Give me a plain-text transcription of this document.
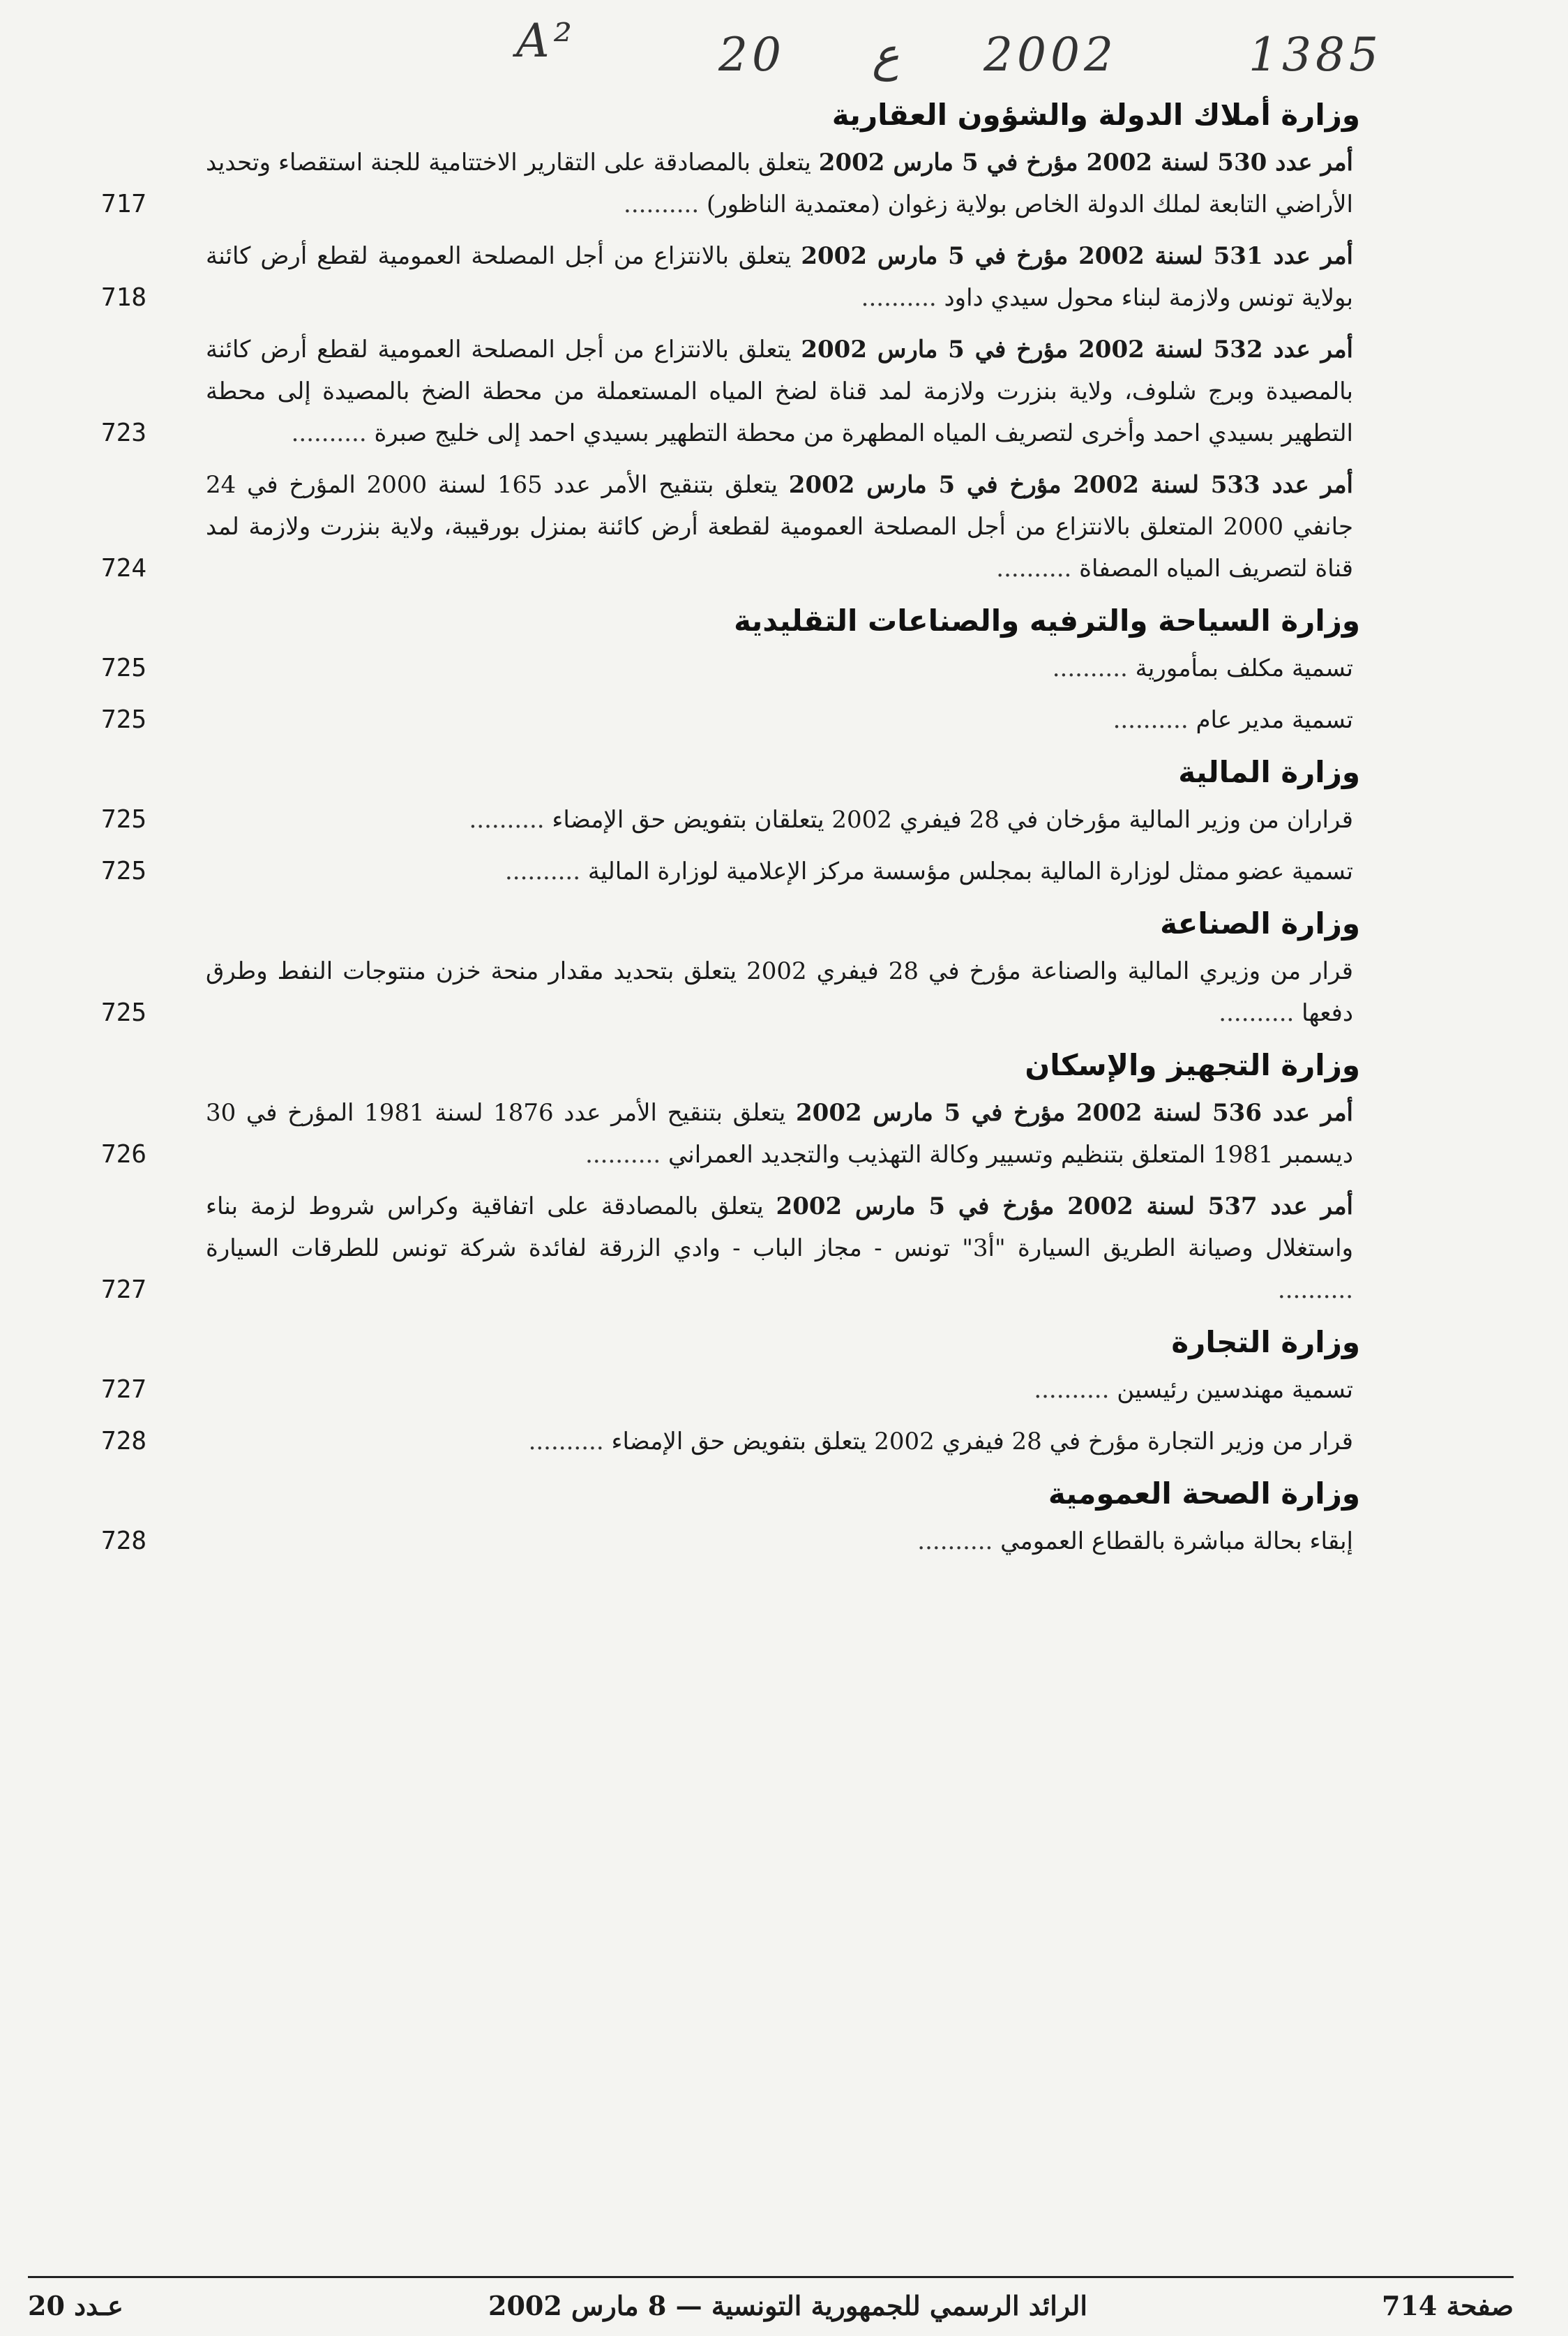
A²	20 ع 2002	1385
وزارة أملاك الدولة والشؤون العقارية
أمر عدد 530 لسنة 2002 مؤرخ في 5 مارس 2002 يتعلق بالمصادقة على التقارير الاختتامية للجنة استقصاء وتحديد الأراضي التابعة لملك الدولة الخاص بولاية زغوان (معتمدية الناظور) ..........
717
أمر عدد 531 لسنة 2002 مؤرخ في 5 مارس 2002 يتعلق بالانتزاع من أجل المصلحة العمومية لقطع أرض كائنة بولاية تونس ولازمة لبناء محول سيدي داود ..........
718
أمر عدد 532 لسنة 2002 مؤرخ في 5 مارس 2002 يتعلق بالانتزاع من أجل المصلحة العمومية لقطع أرض كائنة بالمصيدة وبرج شلوف، ولاية بنزرت ولازمة لمد قناة لضخ المياه المستعملة من محطة الضخ بالمصيدة إلى محطة التطهير بسيدي احمد وأخرى لتصريف المياه المطهرة من محطة التطهير بسيدي احمد إلى خليج صبرة ..........
723
أمر عدد 533 لسنة 2002 مؤرخ في 5 مارس 2002 يتعلق بتنقيح الأمر عدد 165 لسنة 2000 المؤرخ في 24 جانفي 2000 المتعلق بالانتزاع من أجل المصلحة العمومية لقطعة أرض كائنة بمنزل بورقيبة، ولاية بنزرت ولازمة لمد قناة لتصريف المياه المصفاة ..........
724
وزارة السياحة والترفيه والصناعات التقليدية
تسمية مكلف بمأمورية ..........
725
تسمية مدير عام ..........
725
وزارة المالية
قراران من وزير المالية مؤرخان في 28 فيفري 2002 يتعلقان بتفويض حق الإمضاء ..........
725
تسمية عضو ممثل لوزارة المالية بمجلس مؤسسة مركز الإعلامية لوزارة المالية ..........
725
وزارة الصناعة
قرار من وزيري المالية والصناعة مؤرخ في 28 فيفري 2002 يتعلق بتحديد مقدار منحة خزن منتوجات النفط وطرق دفعها ..........
725
وزارة التجهيز والإسكان
أمر عدد 536 لسنة 2002 مؤرخ في 5 مارس 2002 يتعلق بتنقيح الأمر عدد 1876 لسنة 1981 المؤرخ في 30 ديسمبر 1981 المتعلق بتنظيم وتسيير وكالة التهذيب والتجديد العمراني ..........
726
أمر عدد 537 لسنة 2002 مؤرخ في 5 مارس 2002 يتعلق بالمصادقة على اتفاقية وكراس شروط لزمة بناء واستغلال وصيانة الطريق السيارة "أ3" تونس - مجاز الباب - وادي الزرقة لفائدة شركة تونس للطرقات السيارة ..........
727
وزارة التجارة
تسمية مهندسين رئيسين ..........
727
قرار من وزير التجارة مؤرخ في 28 فيفري 2002 يتعلق بتفويض حق الإمضاء ..........
728
وزارة الصحة العمومية
إبقاء بحالة مباشرة بالقطاع العمومي ..........
728
عـدد 20	الرائد الرسمي للجمهورية التونسية — 8 مارس 2002	صفحة 714
